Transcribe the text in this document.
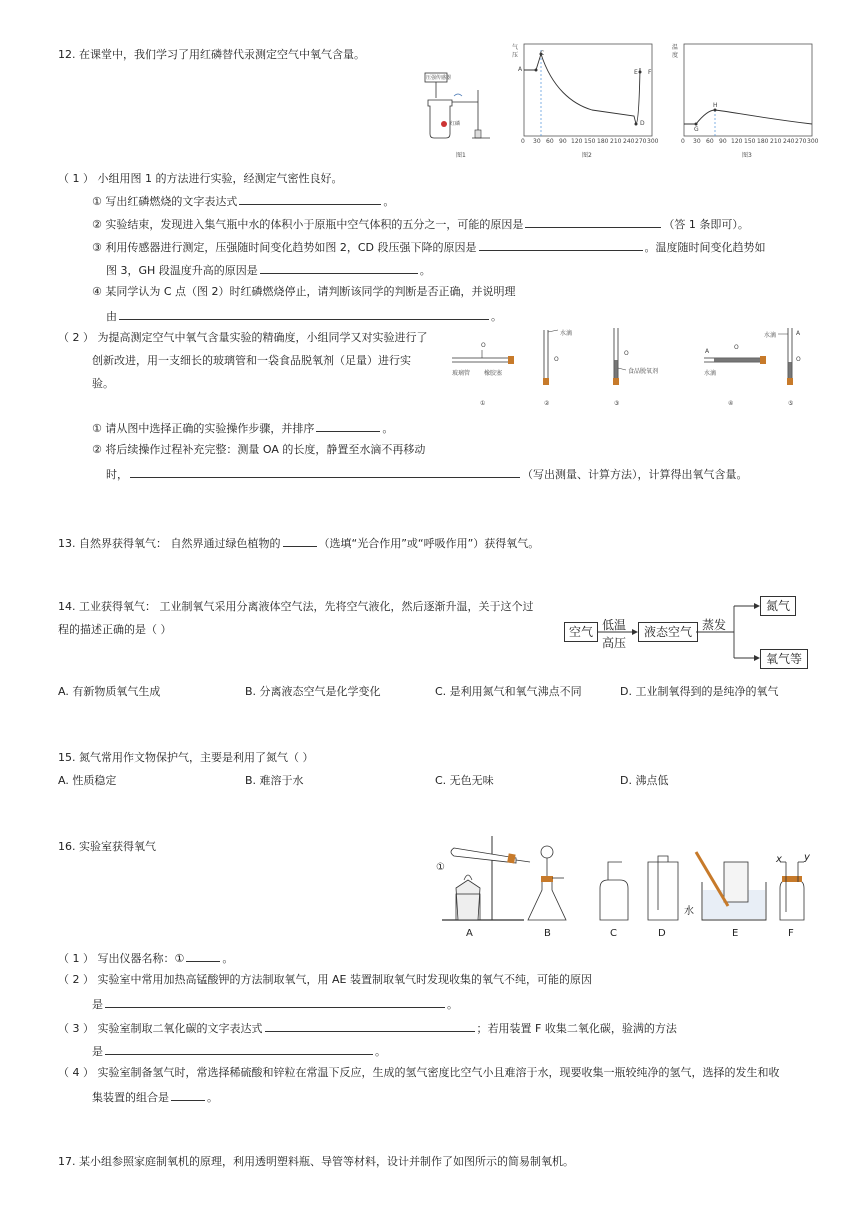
12. 在课堂中，我们学习了用红磷替代汞测定空气中氧气含量。
压强传感器
红磷
图1
气
压
A
C
D
E F
0 30 60 90 120 150 180 210 240 270 300
图2
温
度
G
H
0 30 60 90 120 150 180 210 240 270 300
图3
（ 1 ） 小组用图 1 的方法进行实验，经测定气密性良好。
① 写出红磷燃烧的文字表达式	。
② 实验结束，发现进入集气瓶中水的体积小于原瓶中空气体积的五分之一，可能的原因是	（答 1 条即可）。
③ 利用传感器进行测定，压强随时间变化趋势如图 2，CD 段压强下降的原因是	。温度随时间变化趋势如
图 3，GH 段温度升高的原因是	。
④ 某同学认为 C 点（图 2）时红磷燃烧停止，请判断该同学的判断是否正确，并说明理
由	。
（ 2 ） 为提高测定空气中氧气含量实验的精确度，小组同学又对实验进行了
创新改进，用一支细长的玻璃管和一袋食品脱氧剂（足量）进行实
验。
玻璃管 橡胶塞
O
水滴
O
食品脱氧剂
O	A
O
水滴
水滴	A
O
①	②	③	④	⑤
① 请从图中选择正确的实验操作步骤，并排序	。
② 将后续操作过程补充完整：测量 OA 的长度，静置至水滴不再移动
时，	（写出测量、计算方法），计算得出氧气含量。
13. 自然界获得氧气： 自然界通过绿色植物的	（选填“光合作用”或“呼吸作用”）获得氧气。
14. 工业获得氧气： 工业制氧气采用分离液体空气法，先将空气液化，然后逐渐升温，关于这个过
程的描述正确的是（ ）	空气 低温
高压
液态空气 蒸发
氮气
氧气等
A. 有新物质氧气生成	B. 分离液态空气是化学变化	C. 是利用氮气和氧气沸点不同	D. 工业制氧得到的是纯净的氧气
15. 氮气常用作文物保护气，主要是利用了氮气（ ）
A. 性质稳定	B. 难溶于水	C. 无色无味	D. 沸点低
16. 实验室获得氧气
①
水
x y
A	B	C	D	E	F
（ 1 ） 写出仪器名称：①	。
（ 2 ） 实验室中常用加热高锰酸钾的方法制取氧气，用 AE 装置制取氧气时发现收集的氧气不纯，可能的原因
是	。
（ 3 ） 实验室制取二氧化碳的文字表达式	；若用装置 F 收集二氧化碳，验满的方法
是	。
（ 4 ） 实验室制备氢气时，常选择稀硫酸和锌粒在常温下反应，生成的氢气密度比空气小且难溶于水，现要收集一瓶较纯净的氢气，选择的发生和收
集装置的组合是	。
17. 某小组参照家庭制氧机的原理，利用透明塑料瓶、导管等材料，设计并制作了如图所示的简易制氧机。
